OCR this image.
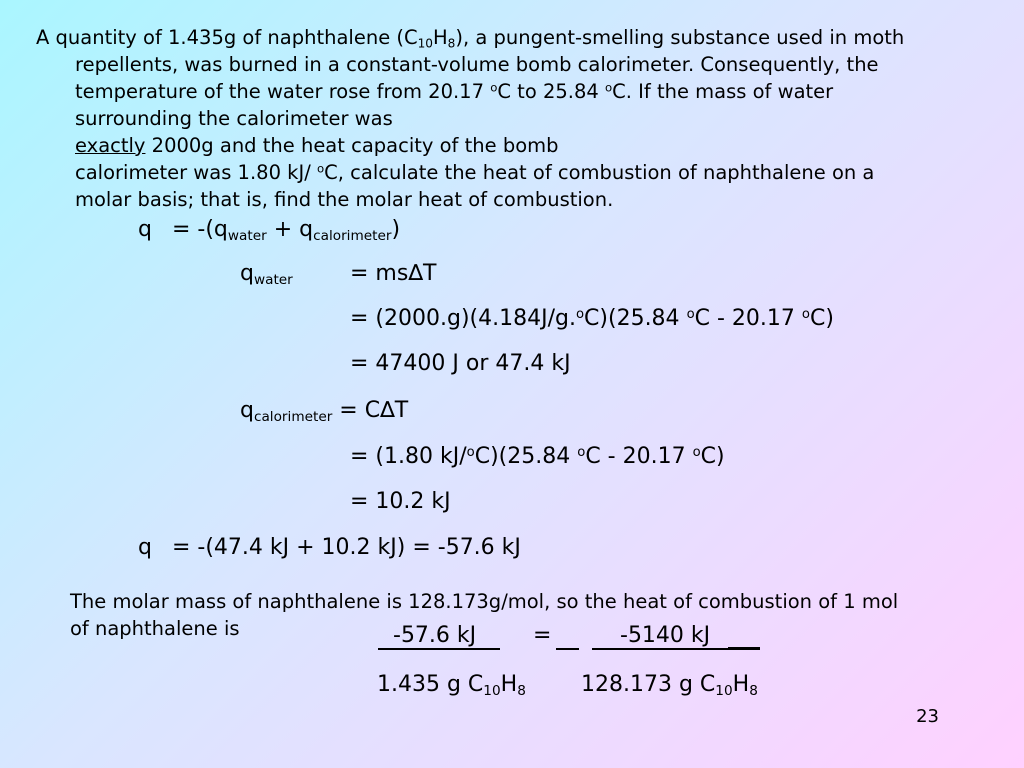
A quantity of 1.435g of naphthalene $(C_{10}H_8)$, a pungent-smelling substance used in moth
repellents, was burned in a constant-volume bomb calorimeter. Consequently, the
temperature of the water rose from 20.17 $^o$C to 25.84 $^o$C. If the mass of water
surrounding the calorimeter was
exactly 2000g and the heat capacity of the bomb
calorimeter was 1.80 kJ/ $^o$C, calculate the heat of combustion of naphthalene on a
molar basis; that is, find the molar heat of combustion.
$q = -(q_{water} + q_{calorimeter})$
$q_{water}$	= ms∆T
= (2000.g)(4.184J/g.$^o$C)(25.84 $^o$C - 20.17 $^o$C)
= 47400 J or 47.4 kJ
$q_{calorimeter} = C\Delta T$
= (1.80 kJ/$^o$C)(25.84 $^o$C - 20.17 $^o$C)
= 10.2 kJ
q = -(47.4 kJ + 10.2 kJ) = -57.6 kJ
The molar mass of naphthalene is 128.173g/mol, so the heat of combustion of 1 mol
of naphthalene is	-57.6 kJ	=	-5140 kJ
1.435 g $C_{10}H_8$	128.173 g $C_{10}H_8$
23
